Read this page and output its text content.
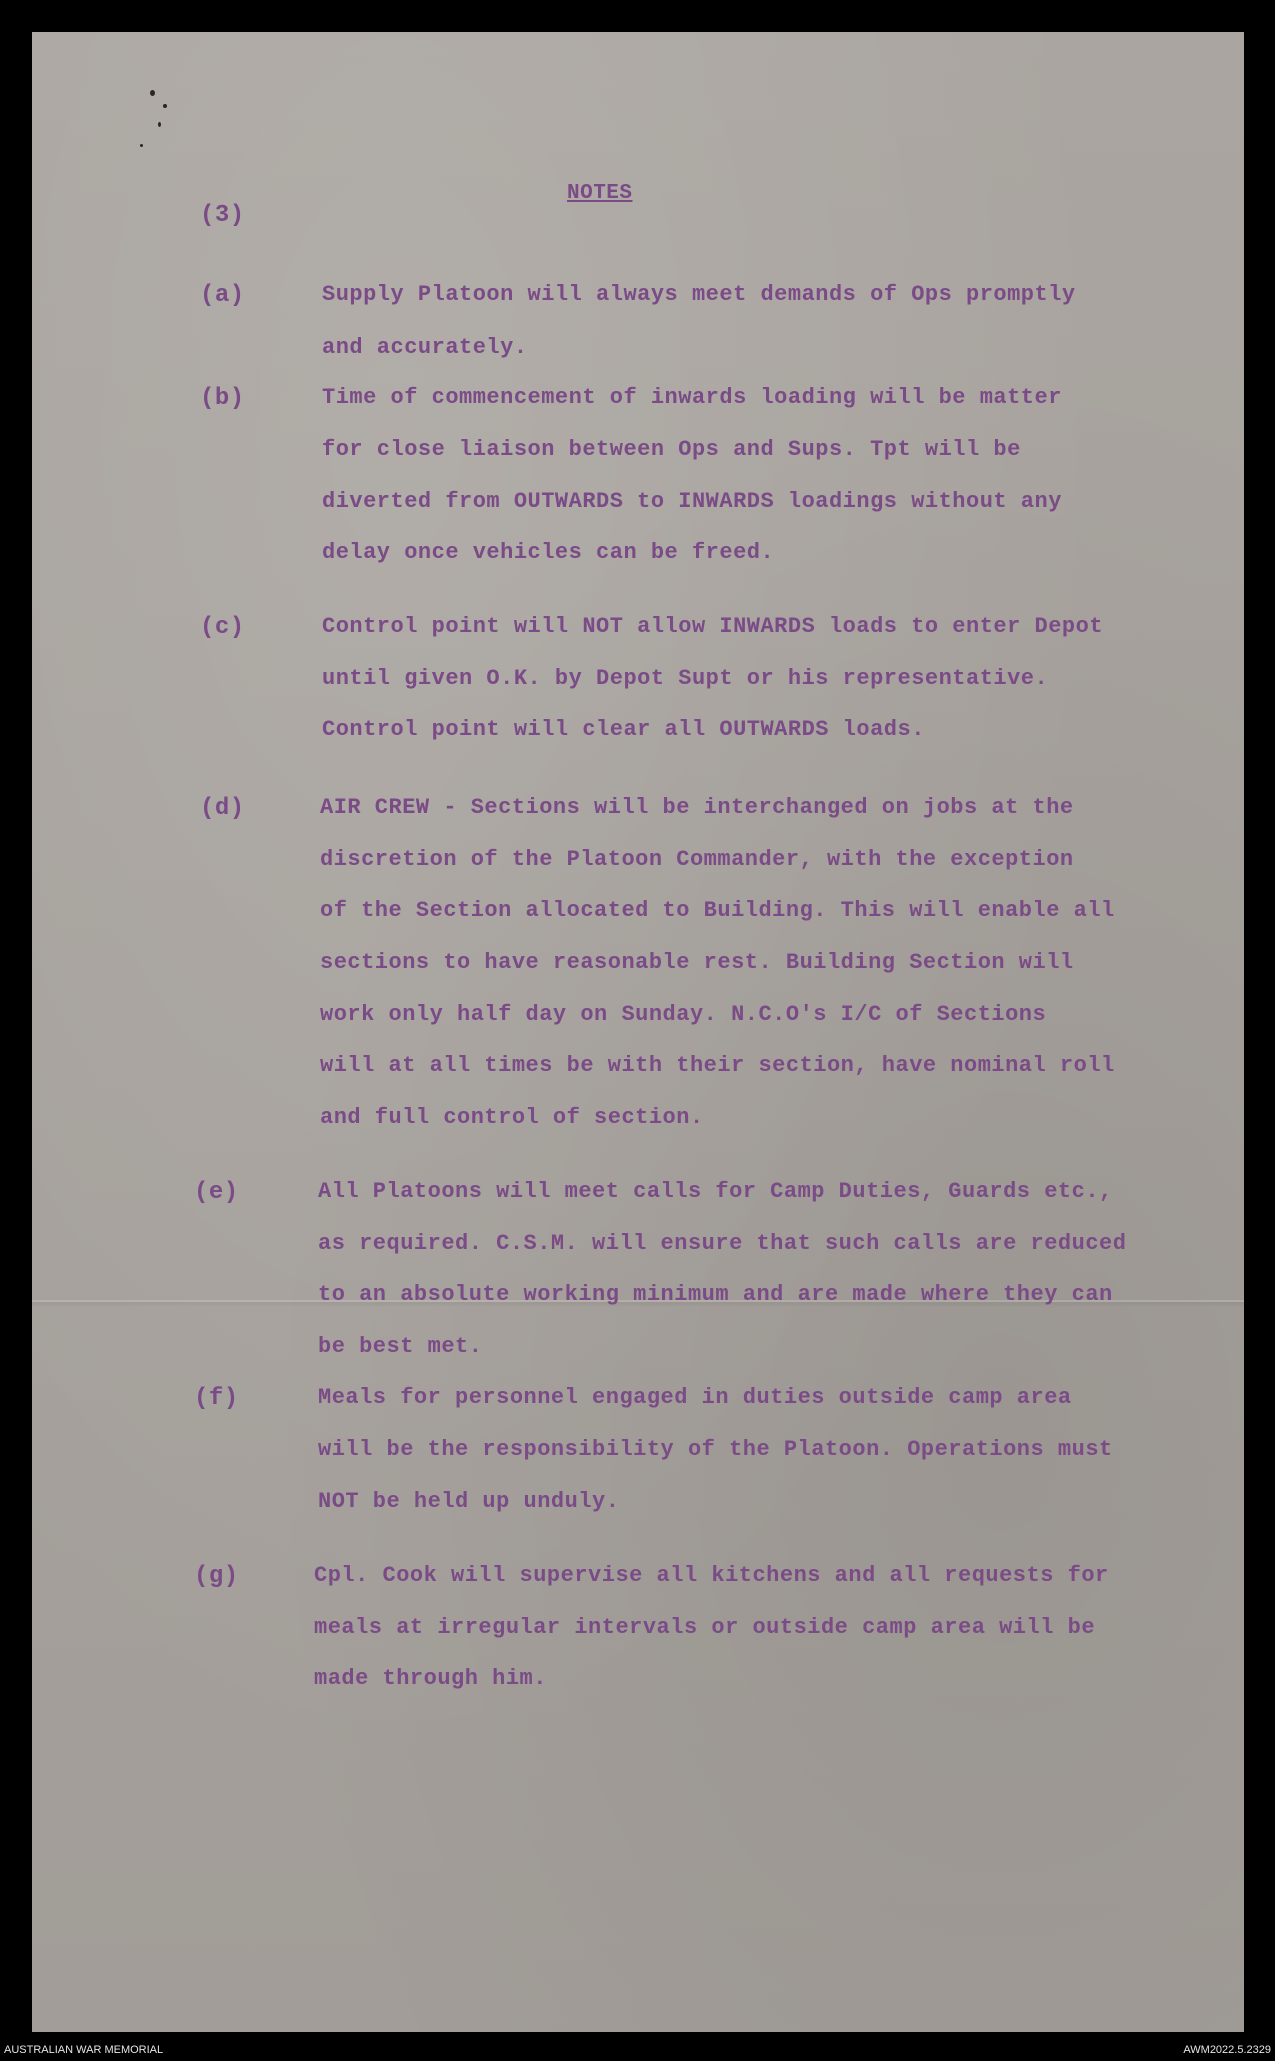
NOTES
(3)
(a)	Supply Platoon will always meet demands of Ops promptly
and accurately.
(b)	Time of commencement of inwards loading will be matter
for close liaison between Ops and Sups. Tpt will be
diverted from OUTWARDS to INWARDS loadings without any
delay once vehicles can be freed.
(c)	Control point will NOT allow INWARDS loads to enter Depot
until given O.K. by Depot Supt or his representative.
Control point will clear all OUTWARDS loads.
(d)	AIR CREW - Sections will be interchanged on jobs at the
discretion of the Platoon Commander, with the exception
of the Section allocated to Building. This will enable all
sections to have reasonable rest. Building Section will
work only half day on Sunday. N.C.O's I/C of Sections
will at all times be with their section, have nominal roll
and full control of section.
(e)	All Platoons will meet calls for Camp Duties, Guards etc.,
as required. C.S.M. will ensure that such calls are reduced
to an absolute working minimum and are made where they can
be best met.
(f)	Meals for personnel engaged in duties outside camp area
will be the responsibility of the Platoon. Operations must
NOT be held up unduly.
(g)	Cpl. Cook will supervise all kitchens and all requests for
meals at irregular intervals or outside camp area will be
made through him.
AUSTRALIAN WAR MEMORIAL	AWM2022.5.2329
